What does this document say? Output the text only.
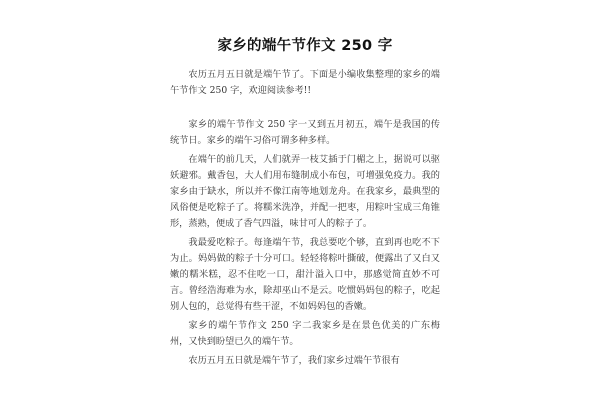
家乡的端午节作文 250 字

农历五月五日就是端午节了。下面是小编收集整理的家乡的端午节作文 250 字，欢迎阅读参考!!

家乡的端午节作文 250 字一又到五月初五，端午是我国的传统节日。家乡的端午习俗可谓多种多样。

在端午的前几天，人们就弄一枝艾插于门楣之上，据说可以驱妖避邪。戴香包，大人们用布缝制成小布包，可增强免疫力。我的家乡由于缺水，所以并不像江南等地划龙舟。在我家乡，最典型的风俗便是吃粽子了。将糯米洗净，并配一把枣，用粽叶宝成三角锥形，蒸熟，便成了香气四溢，味甘可人的粽子了。

我最爱吃粽子。每逢端午节，我总要吃个够，直到再也吃不下为止。妈妈做的粽子十分可口。轻轻将粽叶撕破，便露出了又白又嫩的糯米糕，忍不住吃一口，甜汁溢入口中，那感觉简直妙不可言。曾经浩海难为水，除却巫山不是云。吃惯妈妈包的粽子，吃起别人包的，总觉得有些干涩，不如妈妈包的香嫩。

家乡的端午节作文 250 字二我家乡是在景色优美的广东梅州，又快到盼望已久的端午节。

农历五月五日就是端午节了，我们家乡过端午节很有
